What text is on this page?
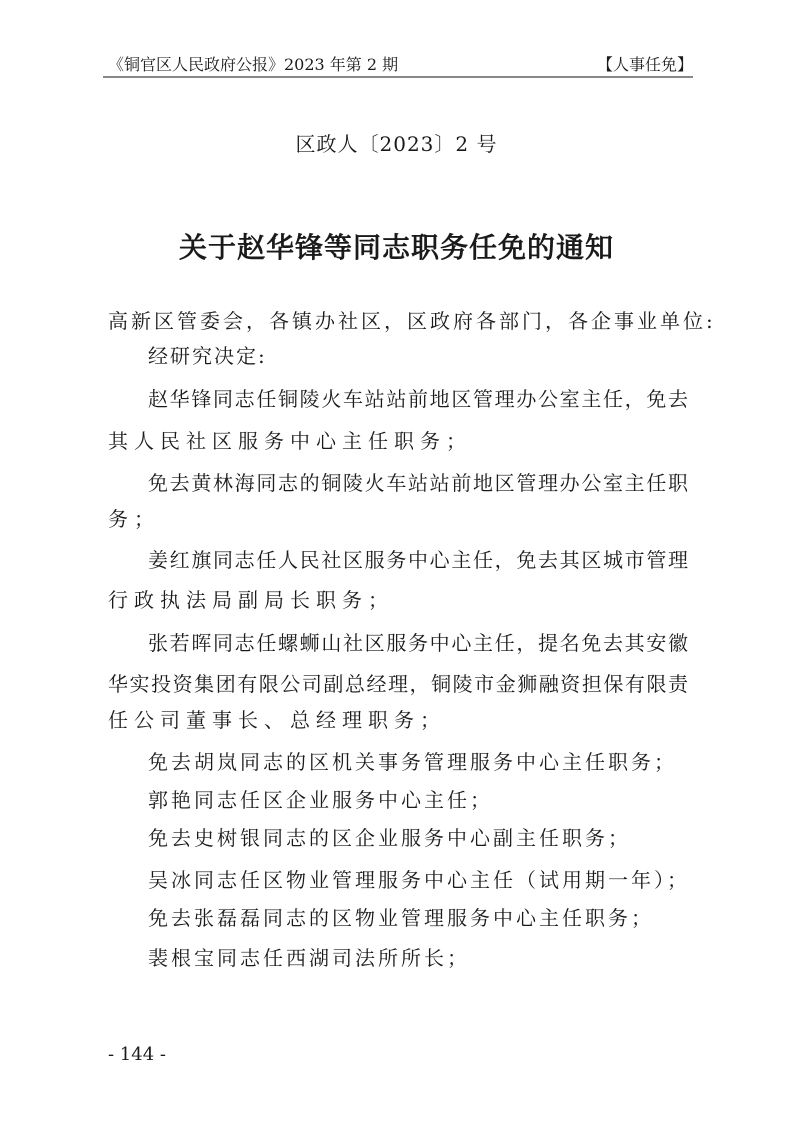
《铜官区人民政府公报》2023 年第 2 期	【人事任免】
区政人〔2023〕2 号
关于赵华锋等同志职务任免的通知
高新区管委会，各镇办社区，区政府各部门，各企事业单位:
经研究决定:
赵华锋同志任铜陵火车站站前地区管理办公室主任，免去
其人民社区服务中心主任职务；
免去黄林海同志的铜陵火车站站前地区管理办公室主任职
务；
姜红旗同志任人民社区服务中心主任，免去其区城市管理
行政执法局副局长职务；
张若晖同志任螺蛳山社区服务中心主任，提名免去其安徽
华实投资集团有限公司副总经理，铜陵市金狮融资担保有限责
任公司董事长、总经理职务；
免去胡岚同志的区机关事务管理服务中心主任职务；
郭艳同志任区企业服务中心主任；
免去史树银同志的区企业服务中心副主任职务；
吴冰同志任区物业管理服务中心主任（试用期一年）；
免去张磊磊同志的区物业管理服务中心主任职务；
裴根宝同志任西湖司法所所长；
- 144 -
